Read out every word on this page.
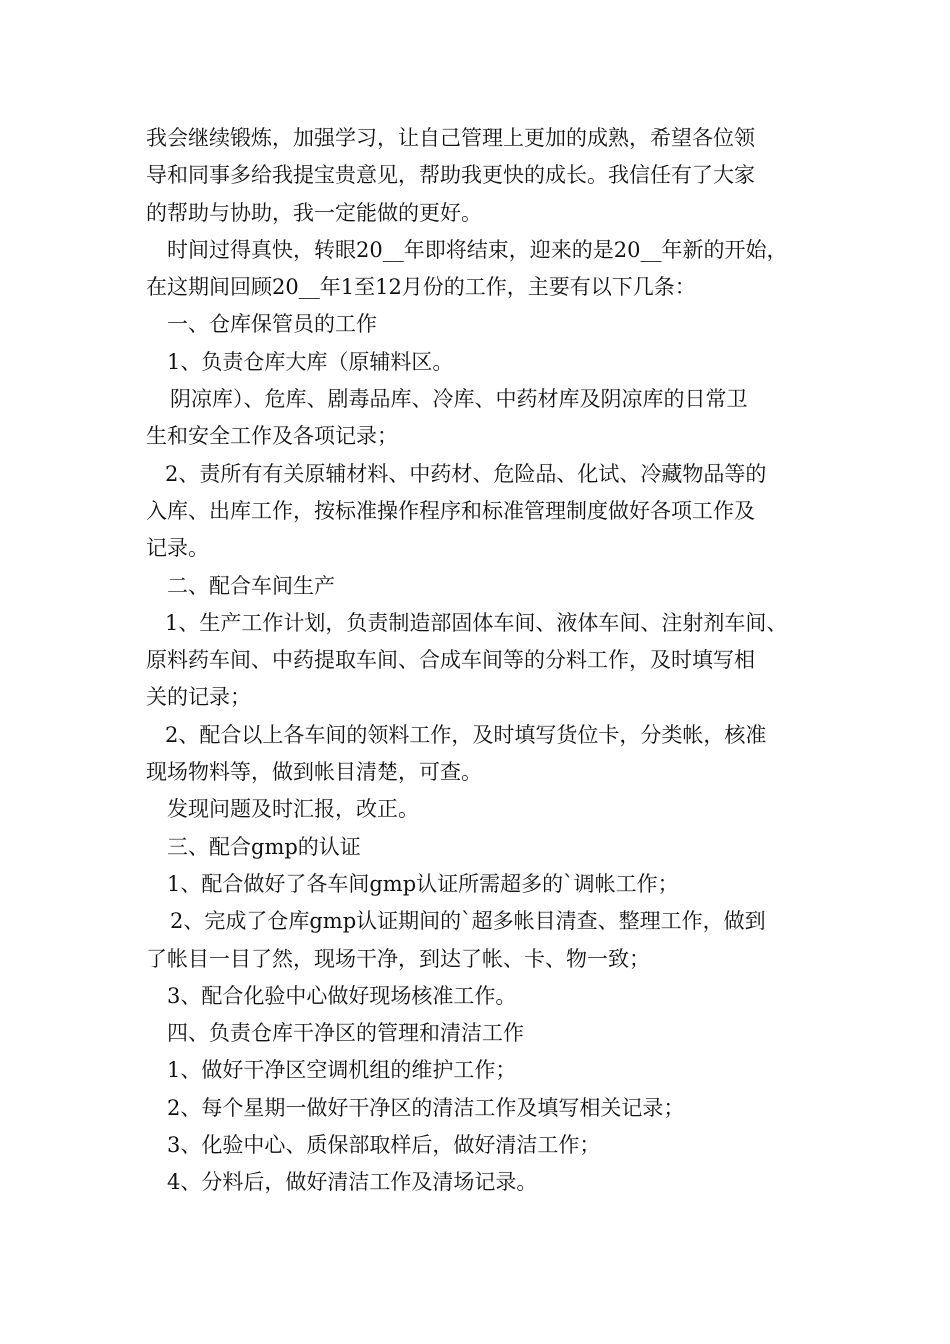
我会继续锻炼，加强学习，让自己管理上更加的成熟，希望各位领
导和同事多给我提宝贵意见，帮助我更快的成长。我信任有了大家
的帮助与协助，我一定能做的更好。
时间过得真快，转眼20__年即将结束，迎来的是20__年新的开始，
在这期间回顾20__年1至12月份的工作，主要有以下几条：
一、仓库保管员的工作
1、负责仓库大库（原辅料区。
阴凉库）、危库、剧毒品库、冷库、中药材库及阴凉库的日常卫
生和安全工作及各项记录；
2、责所有有关原辅材料、中药材、危险品、化试、冷藏物品等的
入库、出库工作，按标准操作程序和标准管理制度做好各项工作及
记录。
二、配合车间生产
1、生产工作计划，负责制造部固体车间、液体车间、注射剂车间、
原料药车间、中药提取车间、合成车间等的分料工作，及时填写相
关的记录；
2、配合以上各车间的领料工作，及时填写货位卡，分类帐，核准
现场物料等，做到帐目清楚，可查。
发现问题及时汇报，改正。
三、配合gmp的认证
1、配合做好了各车间gmp认证所需超多的`调帐工作；
2、完成了仓库gmp认证期间的`超多帐目清查、整理工作，做到
了帐目一目了然，现场干净，到达了帐、卡、物一致；
3、配合化验中心做好现场核准工作。
四、负责仓库干净区的管理和清洁工作
1、做好干净区空调机组的维护工作；
2、每个星期一做好干净区的清洁工作及填写相关记录；
3、化验中心、质保部取样后，做好清洁工作；
4、分料后，做好清洁工作及清场记录。
